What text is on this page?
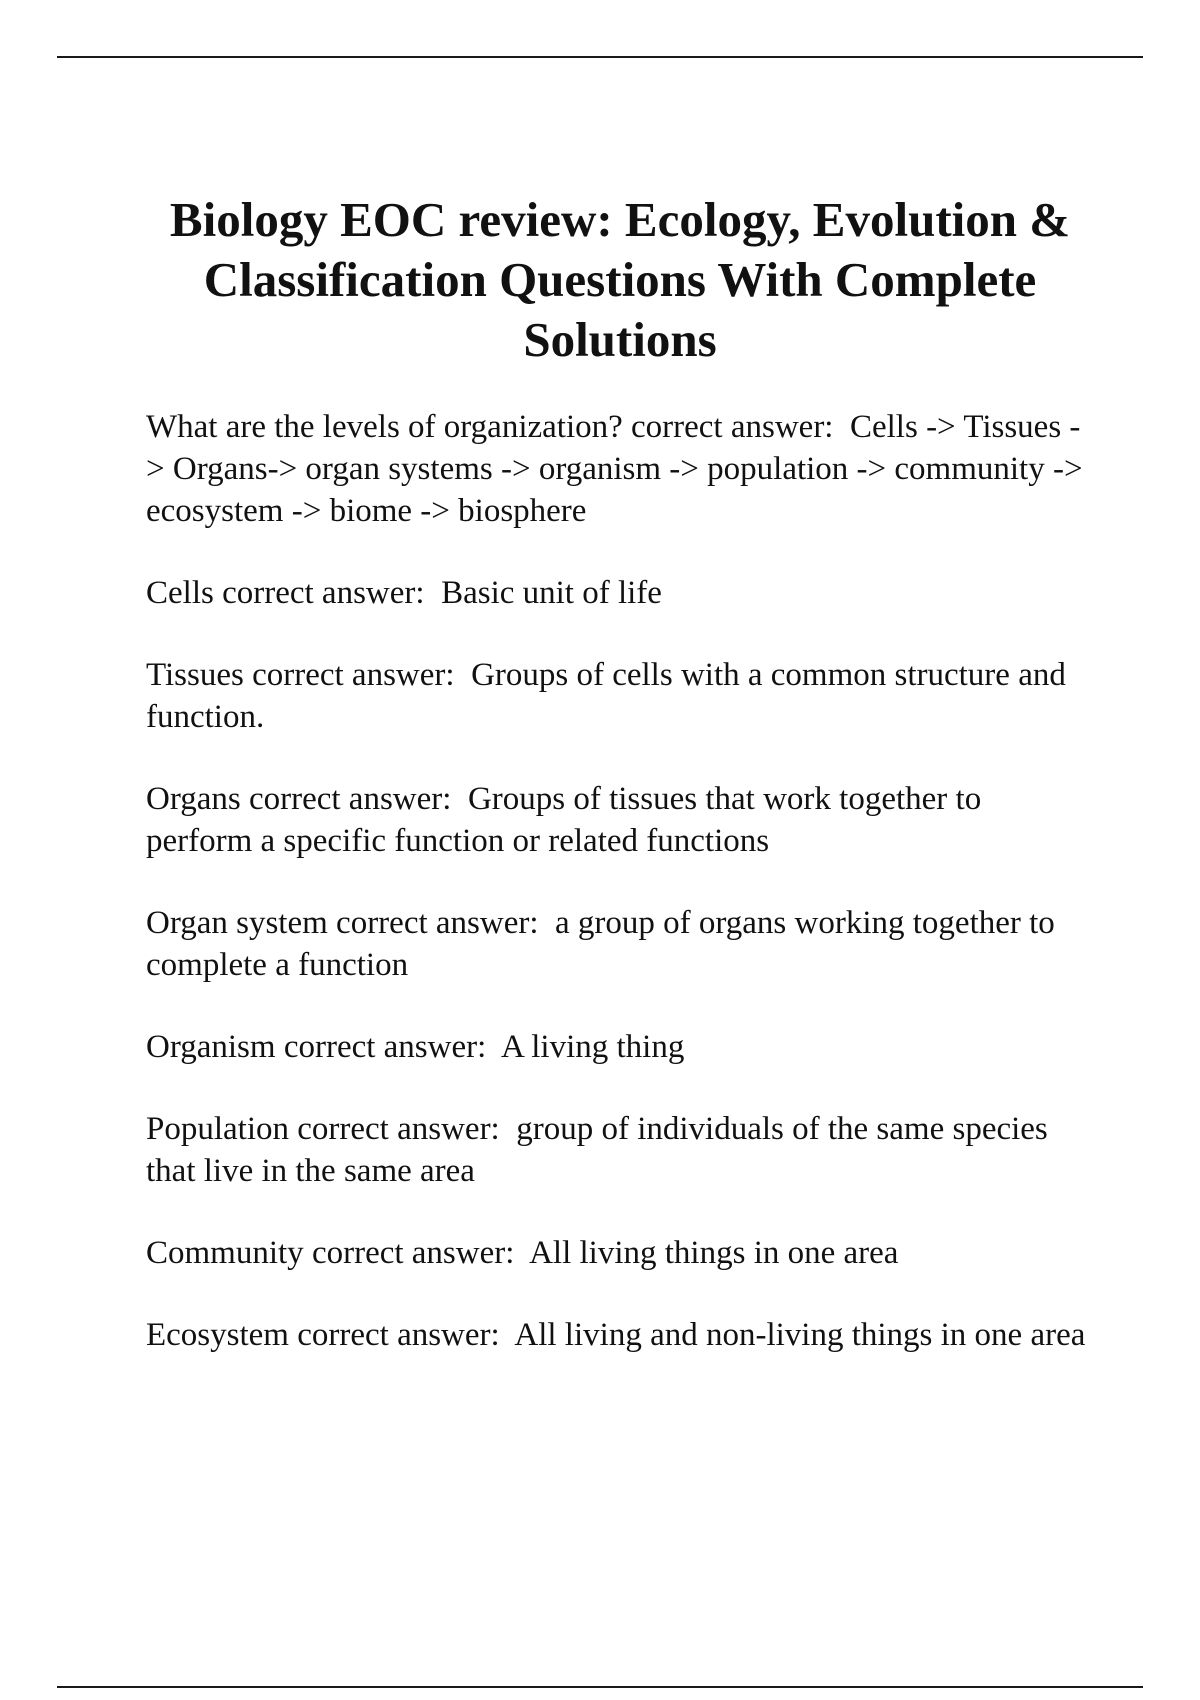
Biology EOC review: Ecology, Evolution & Classification Questions With Complete Solutions
What are the levels of organization? correct answer:  Cells -> Tissues -> Organs-> organ systems -> organism -> population -> community -> ecosystem -> biome -> biosphere
Cells correct answer:  Basic unit of life
Tissues correct answer:  Groups of cells with a common structure and function.
Organs correct answer:  Groups of tissues that work together to perform a specific function or related functions
Organ system correct answer:  a group of organs working together to complete a function
Organism correct answer:  A living thing
Population correct answer:  group of individuals of the same species that live in the same area
Community correct answer:  All living things in one area
Ecosystem correct answer:  All living and non-living things in one area
